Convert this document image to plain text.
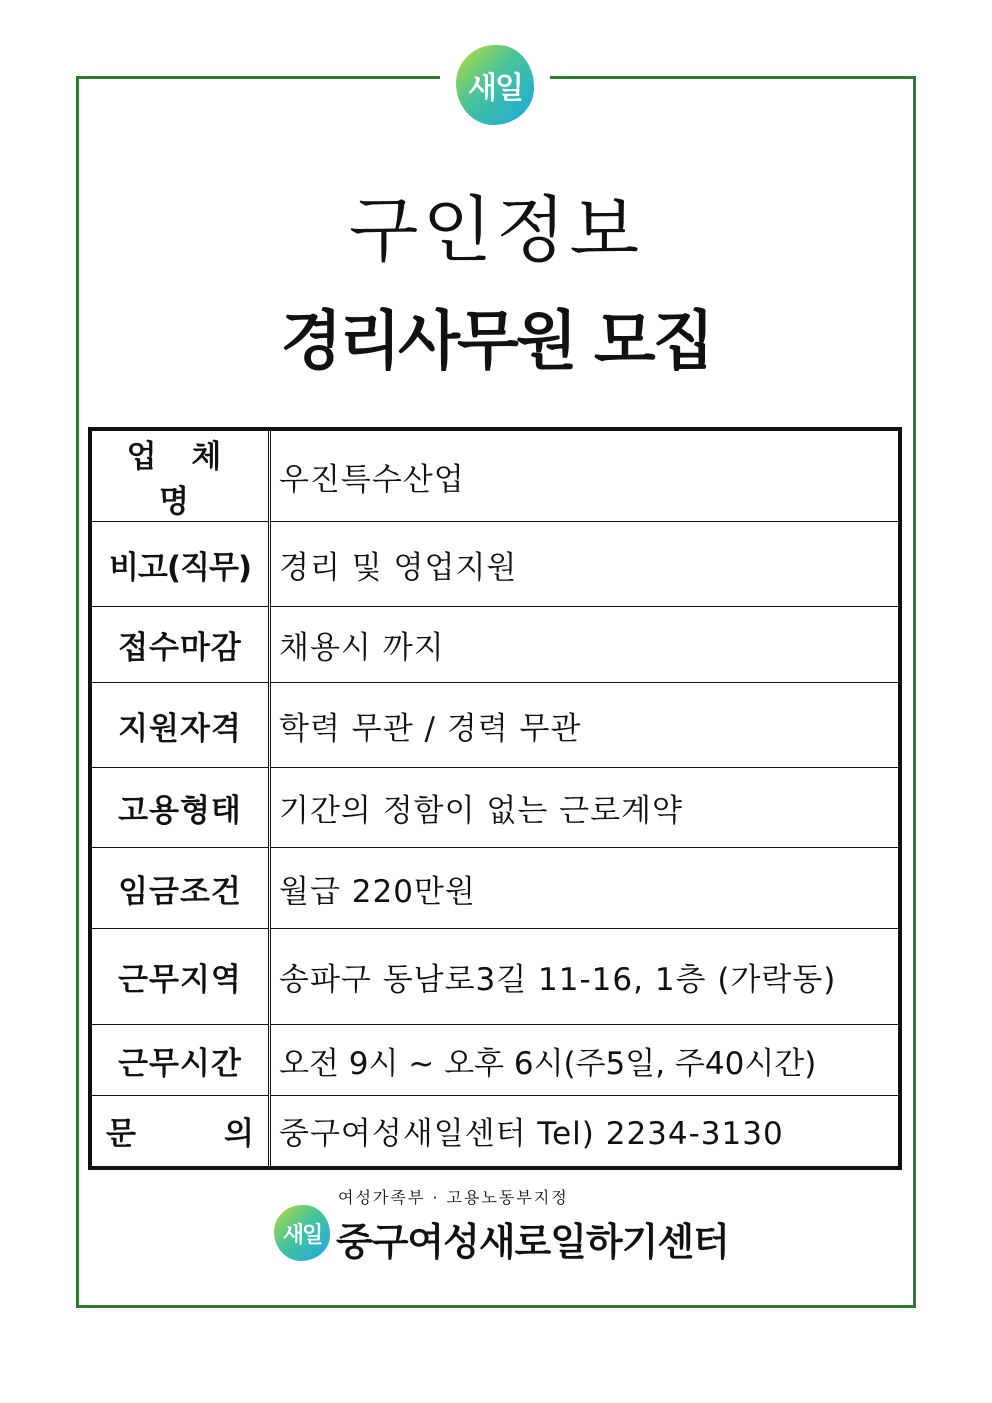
새일
구인정보
경리사무원 모집
업 체 명	우진특수산업
비고(직무)	경리 및 영업지원
접수마감	채용시 까지
지원자격	학력 무관 / 경력 무관
고용형태	기간의 정함이 없는 근로계약
임금조건	월급 220만원
근무지역	송파구 동남로3길 11-16, 1층 (가락동)
근무시간	오전 9시 ~ 오후 6시(주5일, 주40시간)
문 의	중구여성새일센터 Tel) 2234-3130
여성가족부 · 고용노동부지정
새일 중구여성새로일하기센터
